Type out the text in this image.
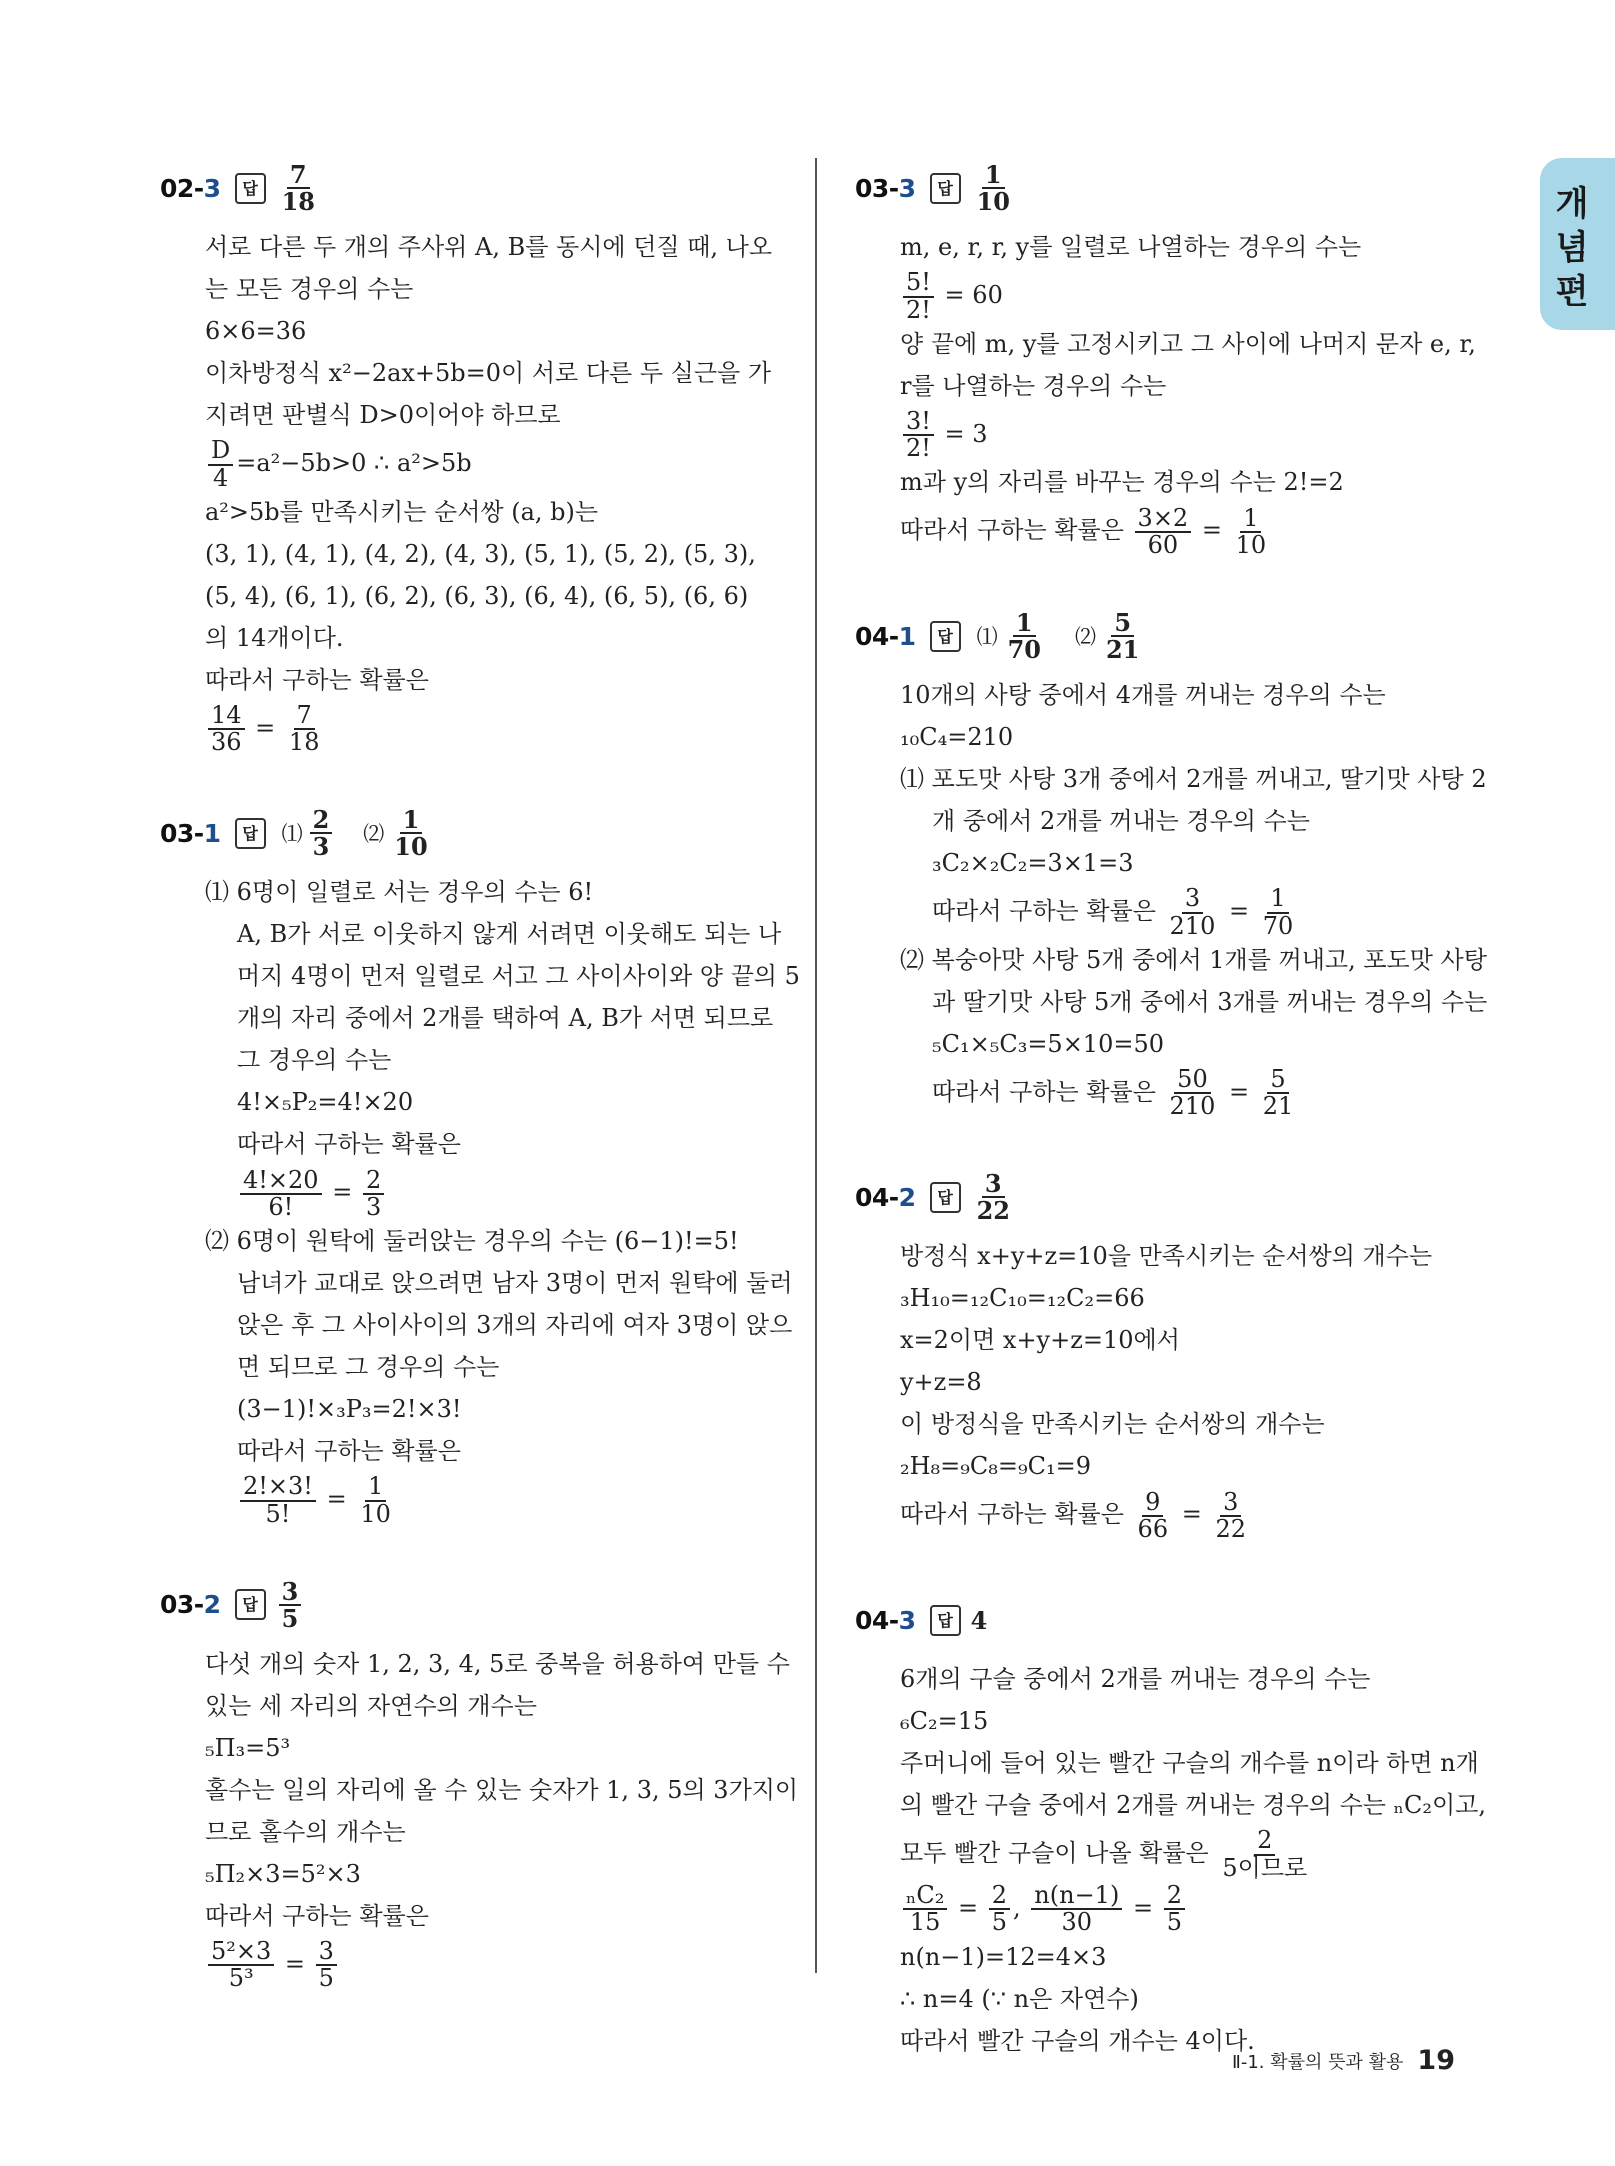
개념편
02-3	답 $\frac{7}{18}$
서로 다른 두 개의 주사위 A, B를 동시에 던질 때, 나오
는 모든 경우의 수는
6×6=36
이차방정식 x²−2ax+5b=0이 서로 다른 두 실근을 가
지려면 판별식 D>0이어야 하므로
$\frac{D}{4} =a^2-5b>0$ ∴ a²>5b
a²>5b를 만족시키는 순서쌍 (a, b)는
(3, 1), (4, 1), (4, 2), (4, 3), (5, 1), (5, 2), (5, 3),
(5, 4), (6, 1), (6, 2), (6, 3), (6, 4), (6, 5), (6, 6)
의 14개이다.
따라서 구하는 확률은
$\frac{14}{36} = \frac{7}{18}$
03-1	답	⑴ $\frac{2}{3}$ ⑵ $\frac{1}{10}$
⑴ 6명이 일렬로 서는 경우의 수는 6!
A, B가 서로 이웃하지 않게 서려면 이웃해도 되는 나
머지 4명이 먼저 일렬로 서고 그 사이사이와 양 끝의 5
개의 자리 중에서 2개를 택하여 A, B가 서면 되므로
그 경우의 수는
4!×₅P₂=4!×20
따라서 구하는 확률은
$\frac{4!\times 20}{6!} = \frac{2}{3}$
⑵ 6명이 원탁에 둘러앉는 경우의 수는 (6−1)!=5!
남녀가 교대로 앉으려면 남자 3명이 먼저 원탁에 둘러
앉은 후 그 사이사이의 3개의 자리에 여자 3명이 앉으
면 되므로 그 경우의 수는
(3−1)!×₃P₃=2!×3!
따라서 구하는 확률은
$\frac{2!\times 3!}{5!} = \frac{1}{10}$
03-2	답 $\frac{3}{5}$
다섯 개의 숫자 1, 2, 3, 4, 5로 중복을 허용하여 만들 수
있는 세 자리의 자연수의 개수는
₅Π₃=5³
홀수는 일의 자리에 올 수 있는 숫자가 1, 3, 5의 3가지이
므로 홀수의 개수는
₅Π₂×3=5²×3
따라서 구하는 확률은
$\frac{\text{5²×3}}{\text{5³}} = \frac{3}{5}$
03-3	답 $\frac{1}{10}$
m, e, r, r, y를 일렬로 나열하는 경우의 수는
$\frac{5!}{2!} = 60$
양 끝에 m, y를 고정시키고 그 사이에 나머지 문자 e, r,
r를 나열하는 경우의 수는
$\frac{3!}{2!} = 3$
m과 y의 자리를 바꾸는 경우의 수는 2!=2
따라서 구하는 확률은 $\frac{3\times 2}{60} = \frac{1}{10}$
04-1	답	⑴ $\frac{1}{70}$ ⑵ $\frac{5}{21}$
10개의 사탕 중에서 4개를 꺼내는 경우의 수는
₁₀C₄=210
⑴ 포도맛 사탕 3개 중에서 2개를 꺼내고, 딸기맛 사탕 2
개 중에서 2개를 꺼내는 경우의 수는
₃C₂×₂C₂=3×1=3
따라서 구하는 확률은 $\frac{3}{210} = \frac{1}{70}$
⑵ 복숭아맛 사탕 5개 중에서 1개를 꺼내고, 포도맛 사탕
과 딸기맛 사탕 5개 중에서 3개를 꺼내는 경우의 수는
₅C₁×₅C₃=5×10=50
따라서 구하는 확률은 $\frac{50}{210} = \frac{5}{21}$
04-2	답 $\frac{3}{22}$
방정식 x+y+z=10을 만족시키는 순서쌍의 개수는
₃H₁₀=₁₂C₁₀=₁₂C₂=66
x=2이면 x+y+z=10에서
y+z=8
이 방정식을 만족시키는 순서쌍의 개수는
₂H₈=₉C₈=₉C₁=9
따라서 구하는 확률은 $\frac{9}{66} = \frac{3}{22}$
04-3	답 4
6개의 구슬 중에서 2개를 꺼내는 경우의 수는
₆C₂=15
주머니에 들어 있는 빨간 구슬의 개수를 n이라 하면 n개
의 빨간 구슬 중에서 2개를 꺼내는 경우의 수는 ₙC₂이고,
모두 빨간 구슬이 나올 확률은 $\frac{2}{\text{5이므로}}$
$\frac{\text{ₙC₂}}{15} = \frac{2}{5}$ , $\frac{n(n-1)}{30} = \frac{2}{5}$
n(n−1)=12=4×3
∴ n=4 (∵ n은 자연수)
따라서 빨간 구슬의 개수는 4이다.
Ⅱ-1. 확률의 뜻과 활용 19
